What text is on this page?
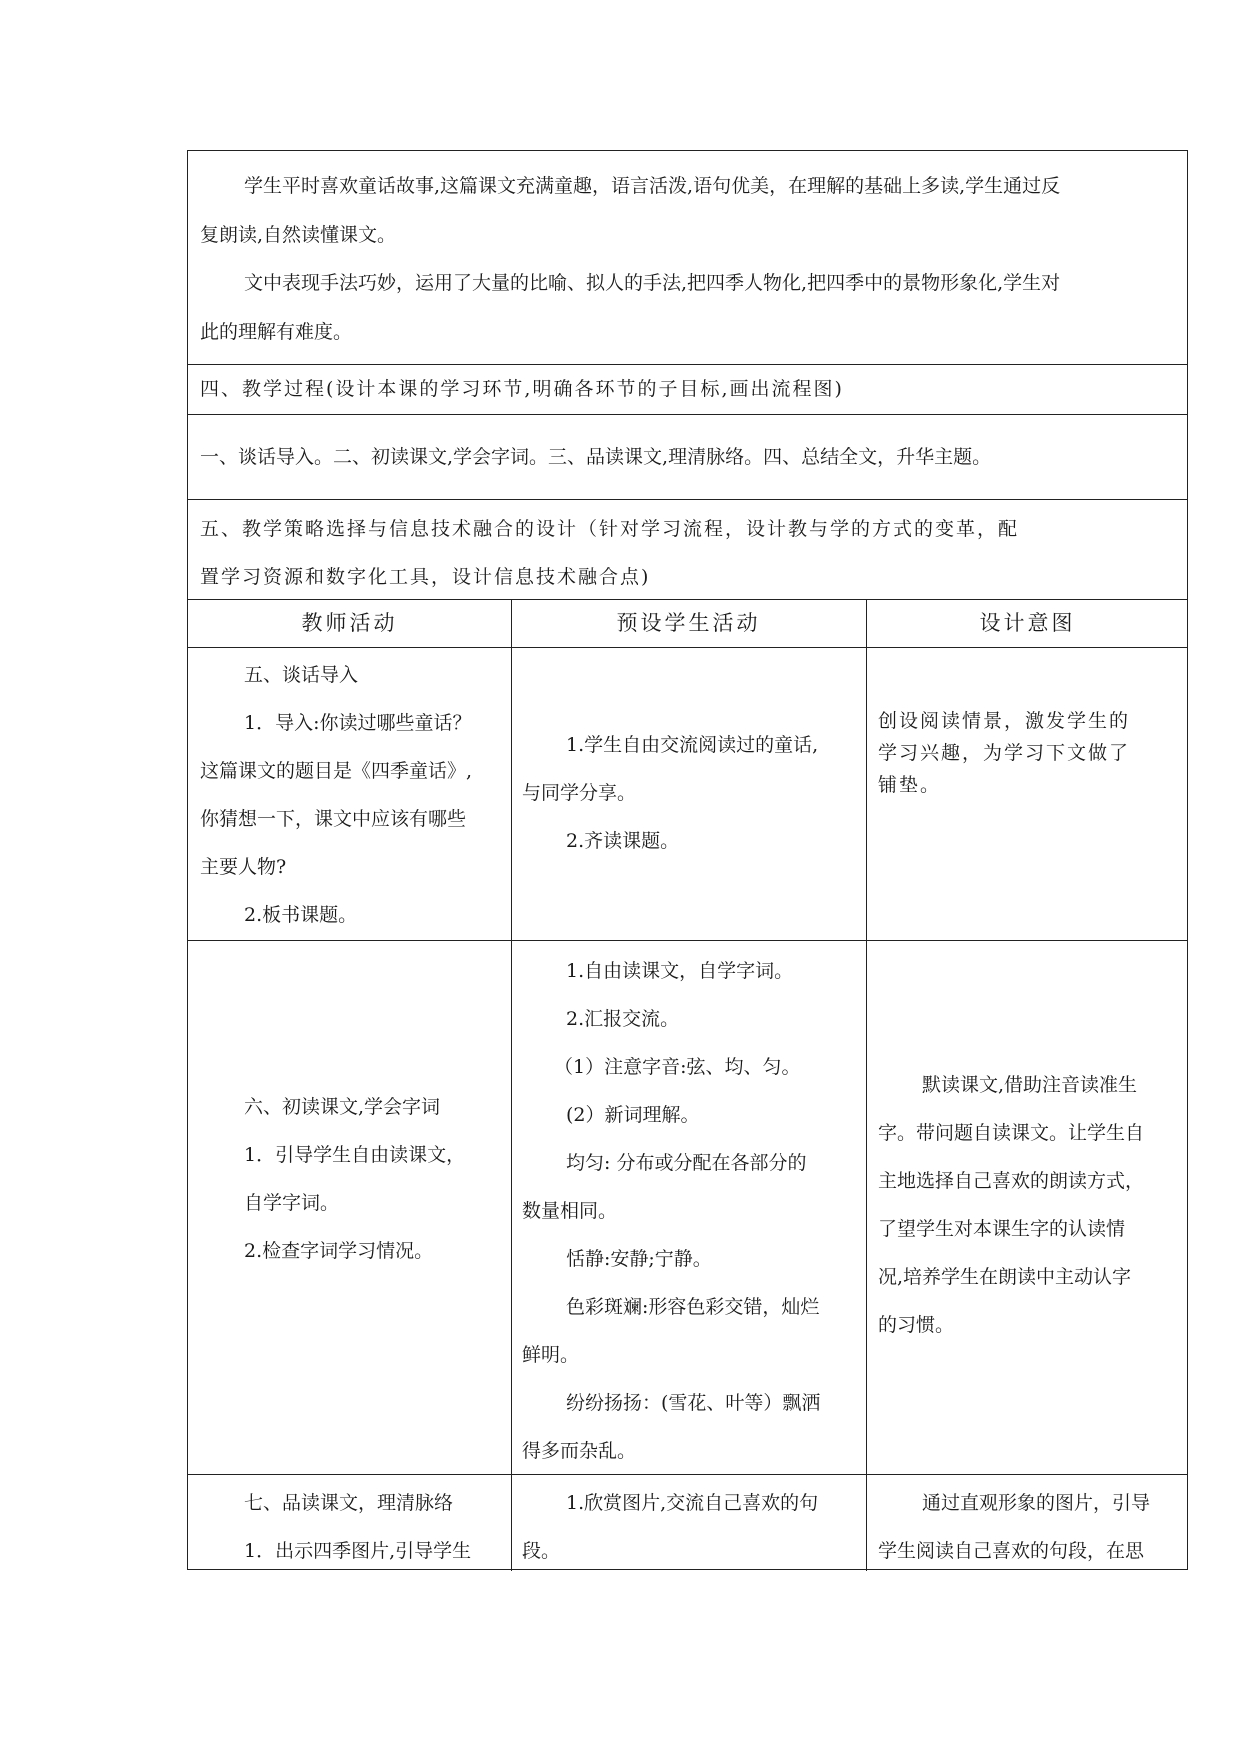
学生平时喜欢童话故事,这篇课文充满童趣，语言活泼,语句优美，在理解的基础上多读,学生通过反
复朗读,自然读懂课文。
文中表现手法巧妙，运用了大量的比喻、拟人的手法,把四季人物化,把四季中的景物形象化,学生对
此的理解有难度。
四、教学过程(设计本课的学习环节,明确各环节的子目标,画出流程图)
一、谈话导入。二、初读课文,学会字词。三、品读课文,理清脉络。四、总结全文，升华主题。
五、教学策略选择与信息技术融合的设计（针对学习流程，设计教与学的方式的变革，配
置学习资源和数字化工具，设计信息技术融合点)
教师活动	预设学生活动	设计意图
五、谈话导入
1．导入:你读过哪些童话？
这篇课文的题目是《四季童话》,
你猜想一下，课文中应该有哪些
主要人物?
2.板书课题。
1.学生自由交流阅读过的童话,
与同学分享。
2.齐读课题。
创设阅读情景，激发学生的
学习兴趣，为学习下文做了
铺垫。
六、初读课文,学会字词
1．引导学生自由读课文，
自学字词。
2.检查字词学习情况。
1.自由读课文，自学字词。
2.汇报交流。
（1）注意字音:弦、均、匀。
(2）新词理解。
均匀: 分布或分配在各部分的
数量相同。
恬静:安静;宁静。
色彩斑斓:形容色彩交错，灿烂
鲜明。
纷纷扬扬：(雪花、叶等）飘洒
得多而杂乱。
默读课文,借助注音读准生
字。带问题自读课文。让学生自
主地选择自己喜欢的朗读方式，
了望学生对本课生字的认读情
况,培养学生在朗读中主动认字
的习惯。
七、品读课文，理清脉络
1．出示四季图片,引导学生
1.欣赏图片,交流自己喜欢的句
段。
通过直观形象的图片，引导
学生阅读自己喜欢的句段，在思
